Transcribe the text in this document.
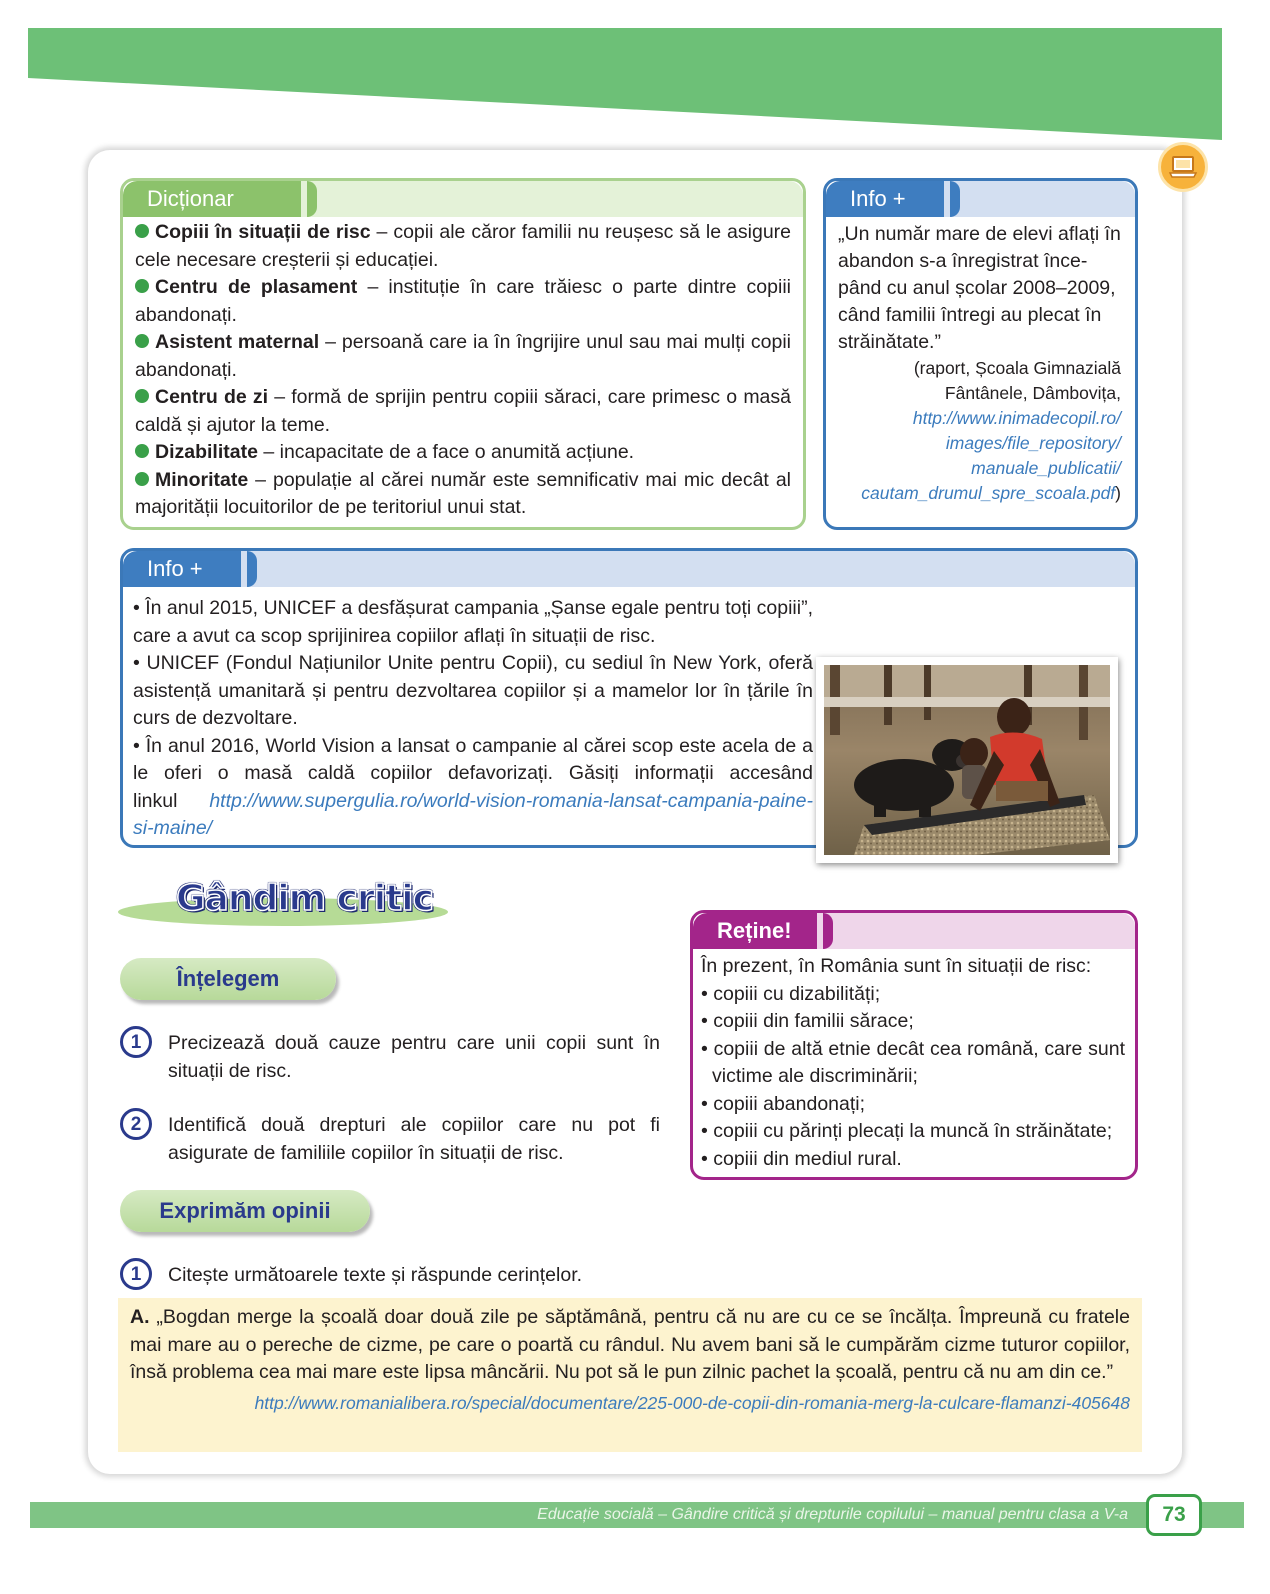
Dicționar
Copiii în situații de risc – copii ale căror familii nu reușesc să le asigure cele necesare creșterii și educației.
Centru de plasament – instituție în care trăiesc o parte dintre copiii abandonați.
Asistent maternal – persoană care ia în îngrijire unul sau mai mulți copii abandonați.
Centru de zi – formă de sprijin pentru copiii săraci, care primesc o masă caldă și ajutor la teme.
Dizabilitate – incapacitate de a face o anumită acțiune.
Minoritate – populație al cărei număr este semnificativ mai mic decât al majorității locuitorilor de pe teritoriul unui stat.
Info +
„Un număr mare de elevi aflați în abandon s-a înregistrat începând cu anul școlar 2008–2009, când familii întregi au plecat în străinătate.”
(raport, Școala Gimnazială
Fântânele, Dâmbovița,
http://www.inimadecopil.ro/ images/file_repository/ manuale_publicatii/ cautam_drumul_spre_scoala.pdf)
Info +
• În anul 2015, UNICEF a desfășurat campania „Șanse egale pentru toți copiii”, care a avut ca scop sprijinirea copiilor aflați în situații de risc.
• UNICEF (Fondul Națiunilor Unite pentru Copii), cu sediul în New York, oferă asistență umanitară și pentru dezvoltarea copiilor și a mamelor lor în țările în curs de dezvoltare.
• În anul 2016, World Vision a lansat o campanie al cărei scop este acela de a le oferi o masă caldă copiilor defavorizați. Găsiți informații accesând linkul http://www.supergulia.ro/world-vision-romania-lansat-campania-paine-si-maine/
Gândim critic
Înțelegem
1	Precizează două cauze pentru care unii copii sunt în situații de risc.
2	Identifică două drepturi ale copiilor care nu pot fi asigurate de familiile copiilor în situații de risc.
Exprimăm opinii
1	Citește următoarele texte și răspunde cerințelor.
Reține!
În prezent, în România sunt în situații de risc:
• copiii cu dizabilități;
• copiii din familii sărace;
• copiii de altă etnie decât cea română, care sunt victime ale discriminării;
• copiii abandonați;
• copiii cu părinți plecați la muncă în străinătate;
• copiii din mediul rural.
A. „Bogdan merge la școală doar două zile pe săptămână, pentru că nu are cu ce se încălța. Împreună cu fratele mai mare au o pereche de cizme, pe care o poartă cu rândul. Nu avem bani să le cumpărăm cizme tuturor copiilor, însă problema cea mai mare este lipsa mâncării. Nu pot să le pun zilnic pachet la școală, pentru că nu am din ce.”
http://www.romanialibera.ro/special/documentare/225-000-de-copii-din-romania-merg-la-culcare-flamanzi-405648
Educație socială – Gândire critică și drepturile copilului – manual pentru clasa a V-a	73
